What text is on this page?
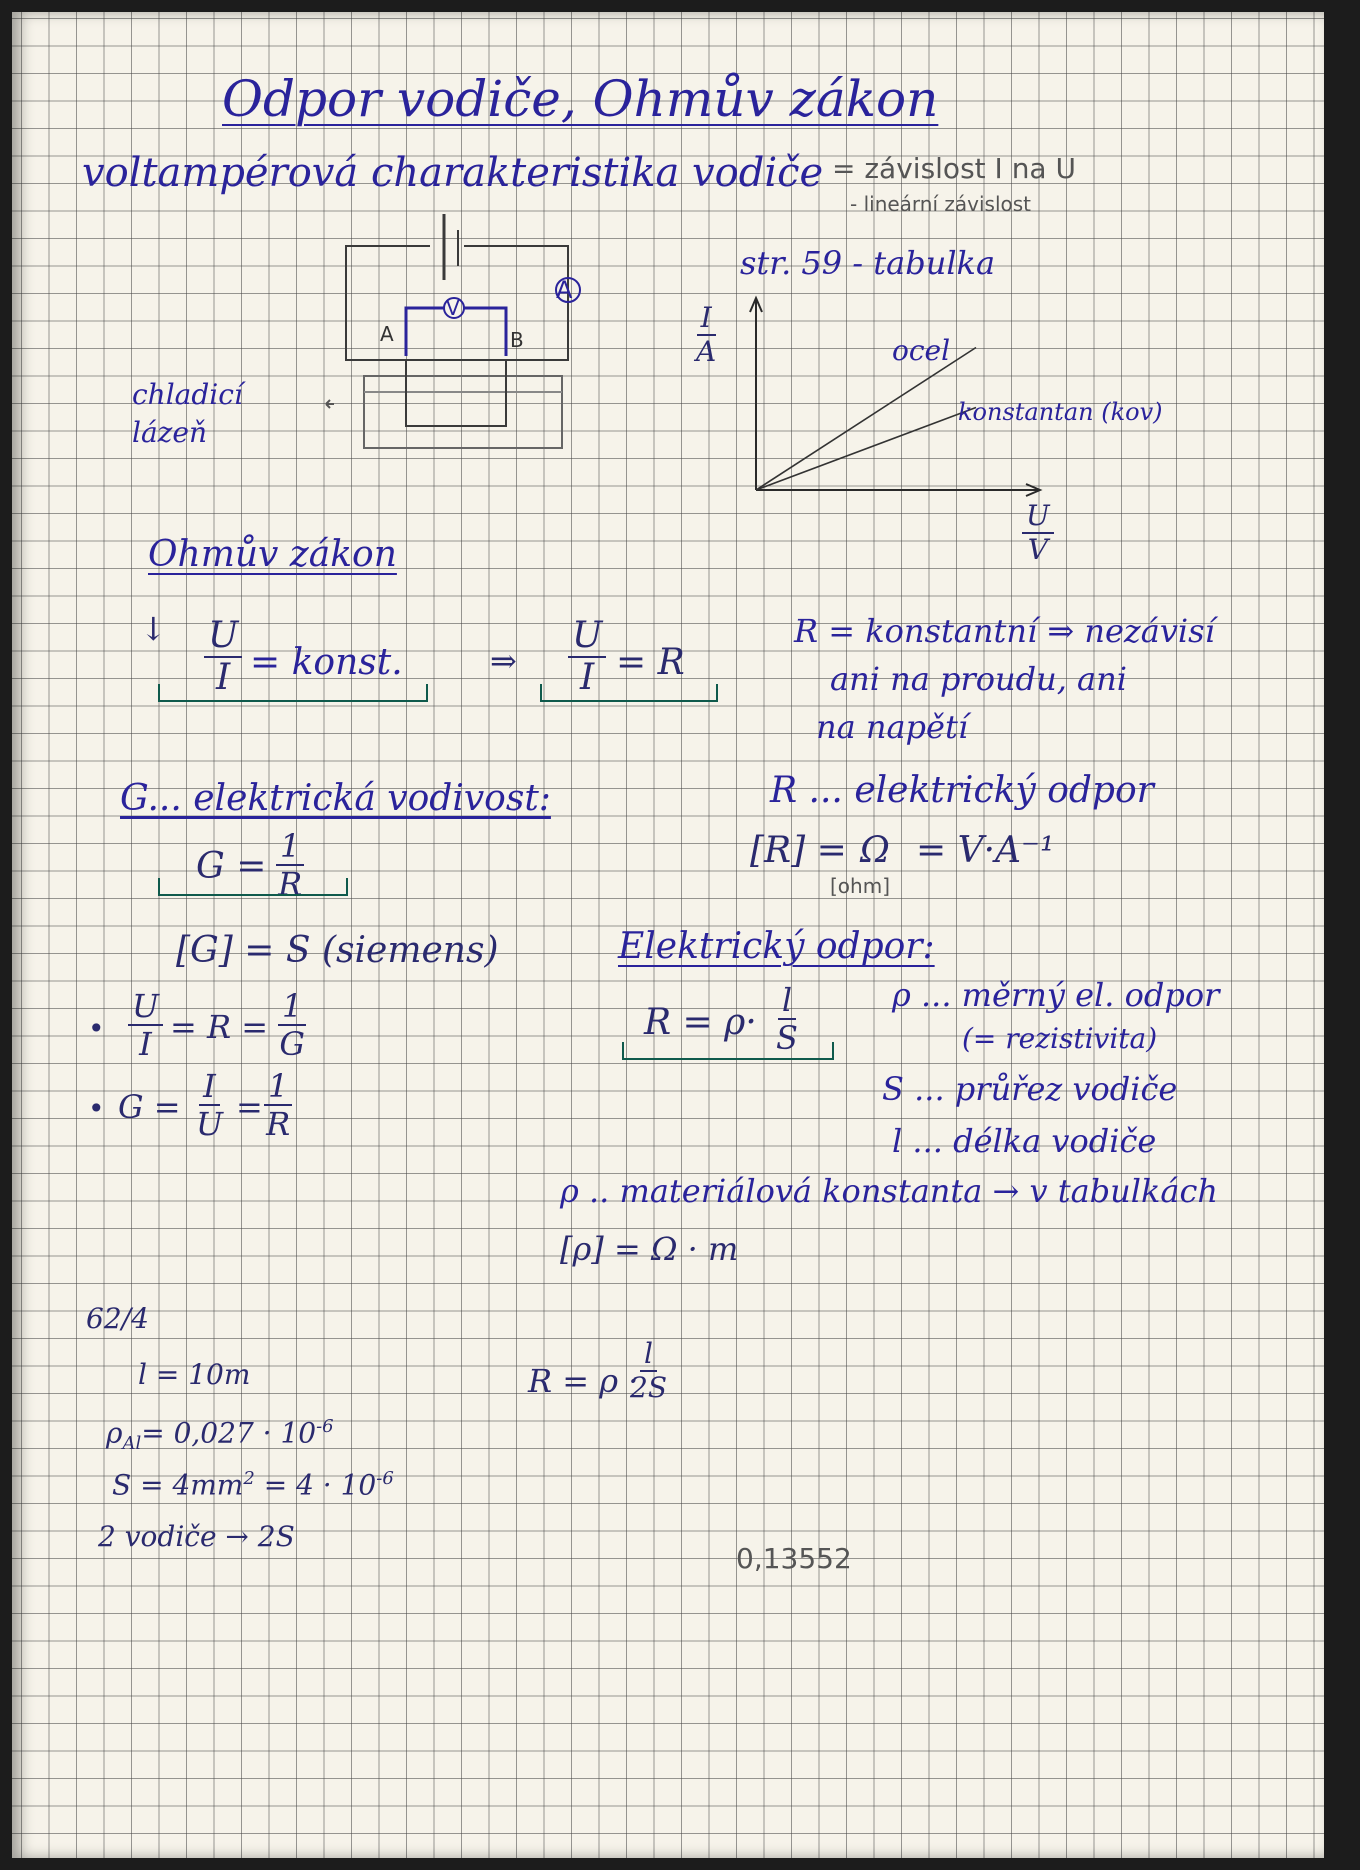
Odpor vodiče, Ohmův zákon
voltampérová charakteristika vodiče = závislost I na U
- lineární závislost
A
V
A	B
chladicí
lázeň
str. 59 - tabulka
$\frac{I}{A}$
$\frac{U}{V}$
ocel
konstantan (kov)
Ohmův zákon
↓ $\frac{U}{I}$ = konst.	⇒ $\frac{U}{I} = R$
R = konstantní ⇒ nezávisí
ani na proudu, ani
na napětí
R ... elektrický odpor
[R] = Ω = V·A⁻¹
[ohm]
G... elektrická vodivost:
$G = \frac{1}{R}$
[G] = S (siemens)
• $\frac{U}{I} = R = \frac{1}{G}$
• $G = \frac{I}{U} = \frac{1}{R}$
Elektrický odpor:
$R = \rho\cdot \frac{l}{S}$	ρ ... měrný el. odpor
(= rezistivita)
S ... průřez vodiče
l ... délka vodiče
ρ .. materiálová konstanta → v tabulkách
[ρ] = Ω · m
62/4
l = 10m
$\rho_{Al}= 0,027 \cdot 10^{-6}$
$S = 4mm^2 = 4 \cdot 10^{-6}$
2 vodiče → 2S
R = ρ ·
$\frac{l}{2S}$
0,13552
